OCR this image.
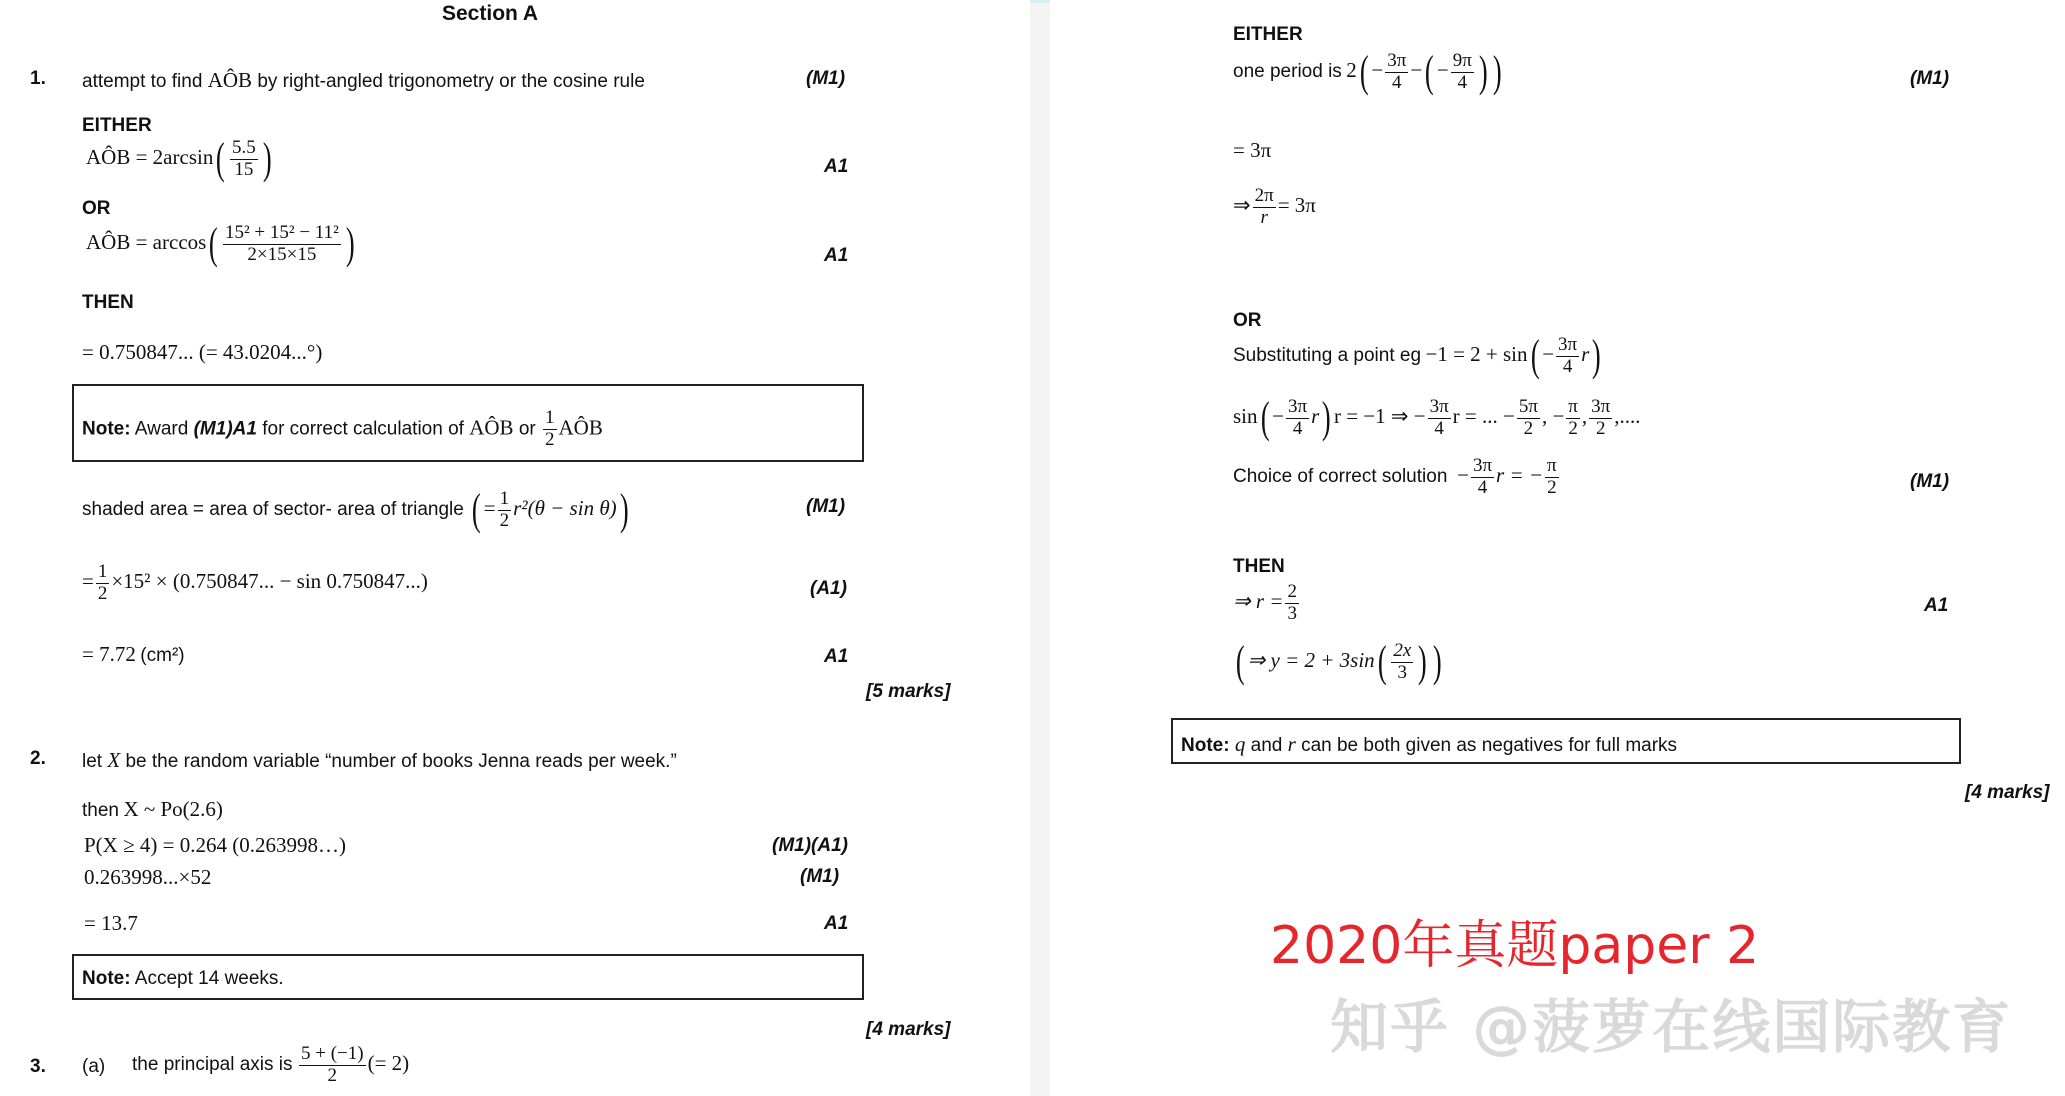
Section A
1. attempt to find AÔB by right-angled trigonometry or the cosine rule	(M1)
EITHER
AÔB = $2\arcsin( \frac{5.5}{15}$ )	A1
OR
AÔB = $\arccos( \frac{\text{15² + 15² − 11²}}{2\times 15\times 15}$ )	A1
THEN
= 0.750847... (= 43.0204...°)
Note: Award (M1)A1 for correct calculation of AÔB or $\frac{1}{2}$ AÔB
shaded area = area of sector- area of triangle ( = $\frac{1}{2} r^2(\theta - \sin \theta)$)	(M1)
= $\frac{1}{2} \times 15^2 \times (0.750847$... − sin 0.750847...)	(A1)
= 7.72 (cm²)	A1
[5 marks]
2. let X be the random variable “number of books Jenna reads per week.”
then X ~ Po(2.6)
P(X ≥ 4) = 0.264 (0.263998…)	(M1)(A1)
0.263998...×52	(M1)
= 13.7	A1
Note: Accept 14 weeks.
[4 marks]
3. (a) the principal axis is $\frac{5 + (-1)}{2}$ (= 2)
EITHER
one period is $2( - \frac{3\pi}{4}$ −( − $\frac{9\pi}{4}$ ) )	(M1)
= 3π
⇒ $\frac{2\pi}{r} = 3\pi$
OR
Substituting a point eg $-1 = 2 + \sin( - \frac{3\pi}{4} r)$
$\sin( - \frac{3\pi}{4} r)$ r = −1 ⇒ − $\frac{3\pi}{4}$ r = ... − $\frac{5\pi}{2}$ , − $\frac{\pi}{2}$ , $\frac{3\pi}{2}$ ,....
Choice of correct solution  − $\frac{3\pi}{4}$ r = − $\frac{\pi}{2}$	(M1)
THEN
⇒ $r = \frac{2}{3}$	A1
( ⇒ $y = 2 + 3\sin( \frac{2x}{3}$ ) )
Note: q and r can be both given as negatives for full marks
[4 marks]
2020年真题paper 2
知乎 @菠萝在线国际教育
